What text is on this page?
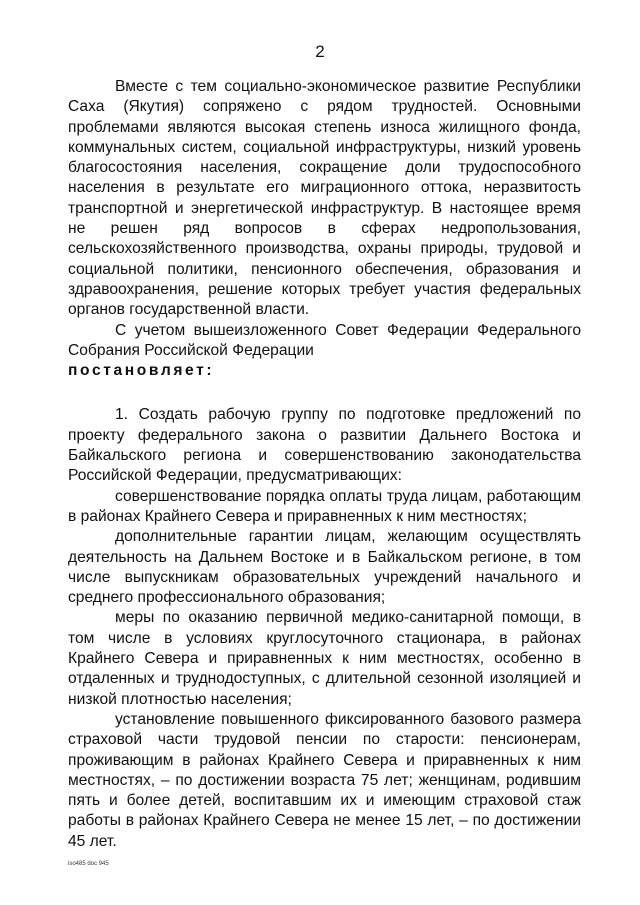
2

Вместе с тем социально-экономическое развитие Республики Саха (Якутия) сопряжено с рядом трудностей. Основными проблемами являются высокая степень износа жилищного фонда, коммунальных систем, социальной инфраструктуры, низкий уровень благосостояния населения, сокращение доли трудоспособного населения в результате его миграционного оттока, неразвитость транспортной и энергетической инфраструктур. В настоящее время не решен ряд вопросов в сферах недропользования, сельскохозяйственного производства, охраны природы, трудовой и социальной политики, пенсионного обеспечения, образования и здравоохранения, решение которых требует участия федеральных органов государственной власти.

С учетом вышеизложенного Совет Федерации Федерального Собрания Российской Федерации

постановляет:

1. Создать рабочую группу по подготовке предложений по проекту федерального закона о развитии Дальнего Востока и Байкальского региона и совершенствованию законодательства Российской Федерации, предусматривающих:

совершенствование порядка оплаты труда лицам, работающим в районах Крайнего Севера и приравненных к ним местностях;

дополнительные гарантии лицам, желающим осуществлять деятельность на Дальнем Востоке и в Байкальском регионе, в том числе выпускникам образовательных учреждений начального и среднего профессионального образования;

меры по оказанию первичной медико-санитарной помощи, в том числе в условиях круглосуточного стационара, в районах Крайнего Севера и приравненных к ним местностях, особенно в отдаленных и труднодоступных, с длительной сезонной изоляцией и низкой плотностью населения;

установление повышенного фиксированного базового размера страховой части трудовой пенсии по старости: пенсионерам, проживающим в районах Крайнего Севера и приравненных к ним местностях, – по достижении возраста 75 лет; женщинам, родившим пять и более детей, воспитавшим их и имеющим страховой стаж работы в районах Крайнего Севера не менее 15 лет, – по достижении 45 лет.

iso485 doc 945
